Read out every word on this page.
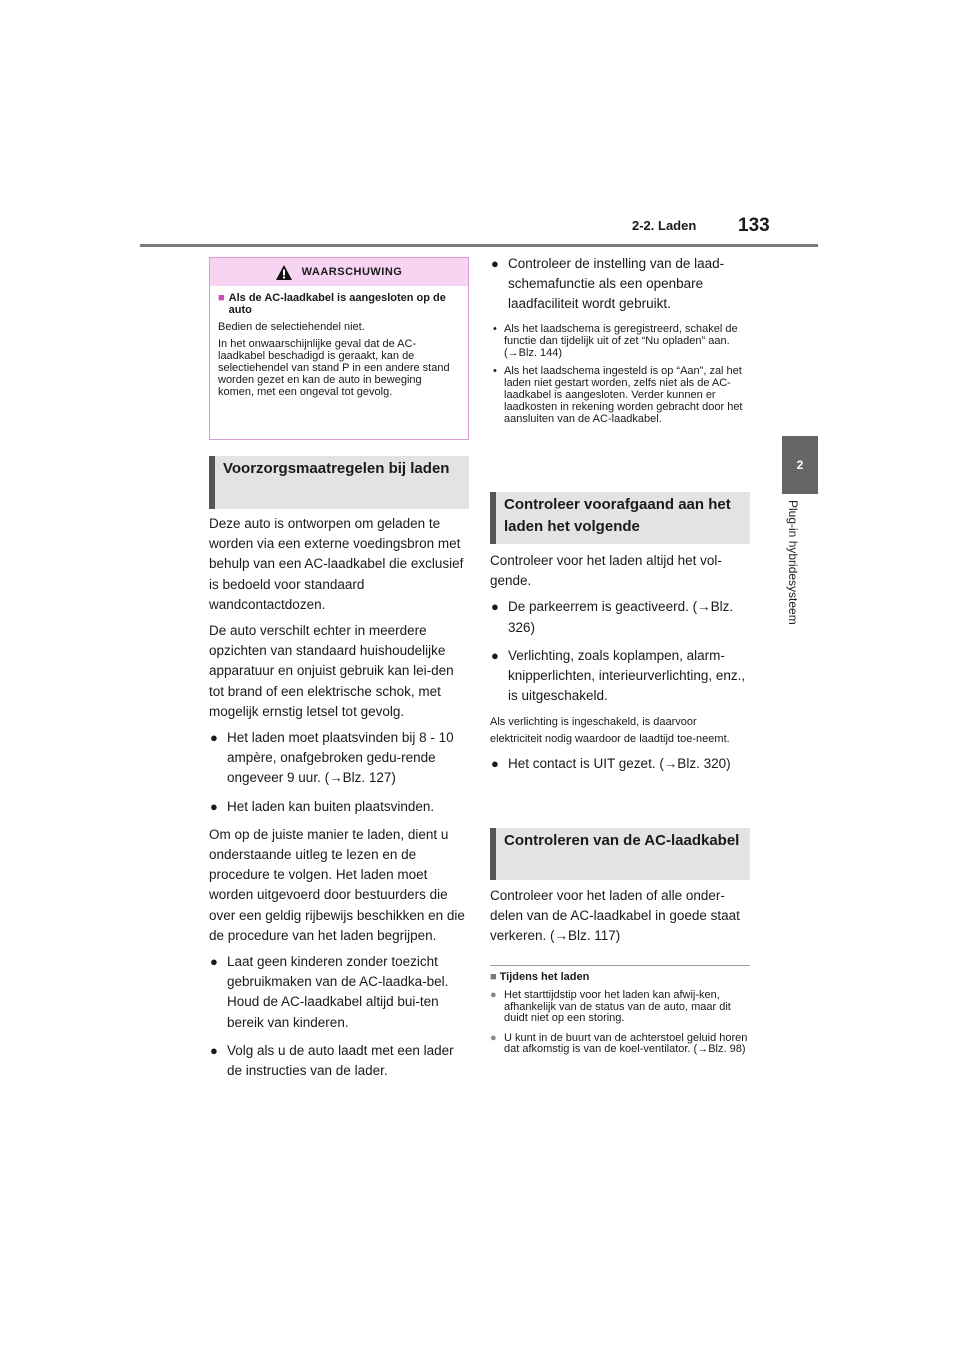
2-2. Laden 133
2
Plug-in hybridesysteem
WAARSCHUWING

■ Als de AC-laadkabel is aangesloten op de auto

Bedien de selectiehendel niet.

In het onwaarschijnlijke geval dat de AC-laadkabel beschadigd is geraakt, kan de selectiehendel van stand P in een andere stand worden gezet en kan de auto in beweging komen, met een ongeval tot gevolg.

Voorzorgsmaatregelen bij laden

Deze auto is ontworpen om geladen te worden via een externe voedingsbron met behulp van een AC-laadkabel die exclusief is bedoeld voor standaard wandcontactdozen.

De auto verschilt echter in meerdere opzichten van standaard huishoudelijke apparatuur en onjuist gebruik kan lei-den tot brand of een elektrische schok, met mogelijk ernstig letsel tot gevolg.

● Het laden moet plaatsvinden bij 8 - 10 ampère, onafgebroken gedu-rende ongeveer 9 uur. (→Blz. 127)
● Het laden kan buiten plaatsvinden.

Om op de juiste manier te laden, dient u onderstaande uitleg te lezen en de procedure te volgen. Het laden moet worden uitgevoerd door bestuurders die over een geldig rijbewijs beschikken en die de procedure van het laden begrijpen.

● Laat geen kinderen zonder toezicht gebruikmaken van de AC-laadka-bel. Houd de AC-laadkabel altijd bui-ten bereik van kinderen.
● Volg als u de auto laadt met een lader de instructies van de lader.
● Controleer de instelling van de laad-schemafunctie als een openbare laadfaciliteit wordt gebruikt.
• Als het laadschema is geregistreerd, schakel de functie dan tijdelijk uit of zet “Nu opladen” aan. (→Blz. 144)
• Als het laadschema ingesteld is op “Aan”, zal het laden niet gestart worden, zelfs niet als de AC-laadkabel is aangesloten. Verder kunnen er laadkosten in rekening worden gebracht door het aansluiten van de AC-laadkabel.
Controleer voorafgaand aan het laden het volgende

Controleer voor het laden altijd het vol-gende.

● De parkeerrem is geactiveerd. (→Blz. 326)
● Verlichting, zoals koplampen, alarm-knipperlichten, interieurverlichting, enz., is uitgeschakeld.

Als verlichting is ingeschakeld, is daarvoor elektriciteit nodig waardoor de laadtijd toe-neemt.

● Het contact is UIT gezet. (→Blz. 320)
Controleren van de AC-laadkabel

Controleer voor het laden of alle onder-delen van de AC-laadkabel in goede staat verkeren. (→Blz. 117)

■ Tijdens het laden

● Het starttijdstip voor het laden kan afwij-ken, afhankelijk van de status van de auto, maar dit duidt niet op een storing.
● U kunt in de buurt van de achterstoel geluid horen dat afkomstig is van de koel-ventilator. (→Blz. 98)
